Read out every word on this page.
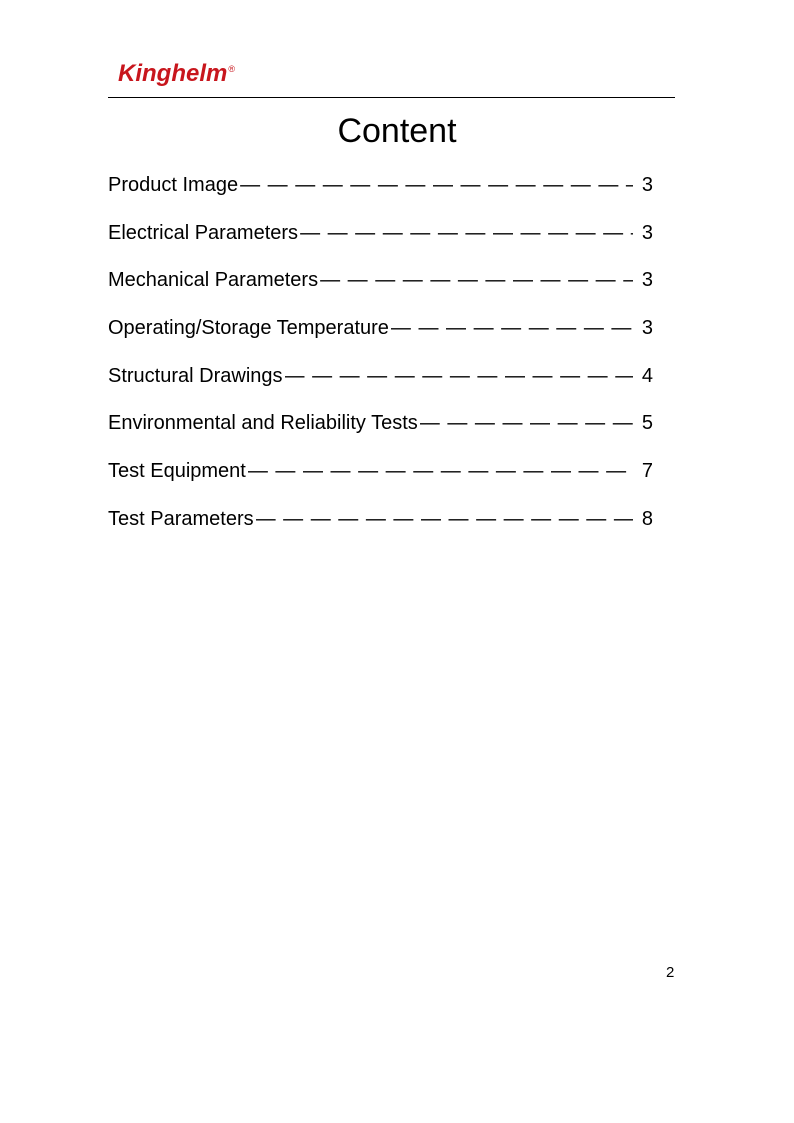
Kinghelm®
Content
Product Image — — —	3
Electrical Parameters — — —	3
Mechanical Parameters — — —	3
Operating/Storage Temperature — — —	3
Structural Drawings — — —	4
Environmental and Reliability Tests — — —	5
Test Equipment — — —	7
Test Parameters — — —	8
2
